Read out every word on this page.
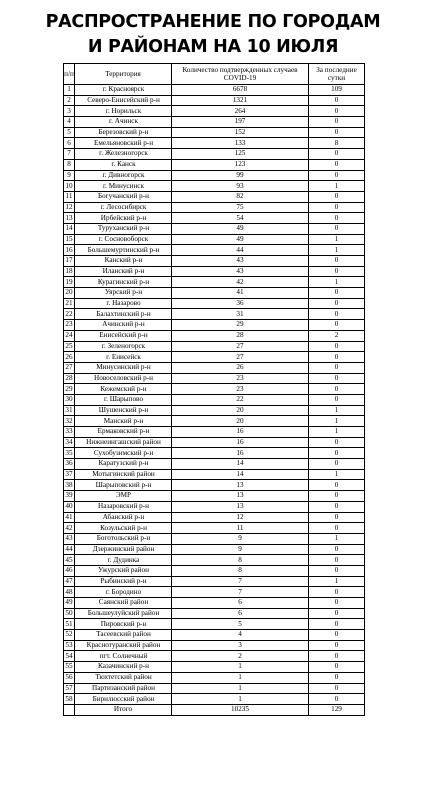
РАСПРОСТРАНЕНИЕ ПО ГОРОДАМ
И РАЙОНАМ НА 10 ИЮЛЯ
п/п	Территория	Количество подтвержденных случаев COVID-19	За последние сутки
1	г. Красноярск	6678	109
2	Северо-Енисейский р-н	1321	0
3	г. Норильск	264	0
4	г. Ачинск	197	0
5	Березовский р-н	152	0
6	Емельяновский р-н	133	8
7	г. Железногорск	125	0
8	г. Канск	123	0
9	г. Дивногорск	99	0
10	г. Минусинск	93	1
11	Богучанский р-н	82	0
12	г. Лесосибирск	75	0
13	Ирбейский р-н	54	0
14	Туруханский р-н	49	0
15	г. Сосновоборск	49	1
16	Большемуртинский р-н	44	1
17	Канский р-н	43	0
18	Иланский р-н	43	0
19	Курагинский р-н	42	1
20	Уярский р-н	41	0
21	г. Назарово	36	0
22	Балахтинский р-н	31	0
23	Ачинский р-н	29	0
24	Енисейский р-н	28	2
25	г. Зеленогорск	27	0
26	г. Енисейск	27	0
27	Минусинский р-н	26	0
28	Новоселовский р-н	23	0
29	Кежемский р-н	23	0
30	г. Шарыпово	22	0
31	Шушенский р-н	20	1
32	Манский р-н	20	1
33	Ермаковский р-н	16	1
34	Нижнеингашский район	16	0
35	Сухобузимский р-н	16	0
36	Каратузский р-н	14	0
37	Мотыгинский район	14	1
38	Шарыповский р-н	13	0
39	ЭМР	13	0
40	Назаровский р-н	13	0
41	Абанский р-н	12	0
42	Козульский р-н	11	0
43	Боготольский р-н	9	1
44	Дзержинский район	9	0
45	г. Дудинка	8	0
46	Ужурский район	8	0
47	Рыбинский р-н	7	1
48	г. Бородино	7	0
49	Саянский район	6	0
50	Большеулуйский район	6	0
51	Пировский р-н	5	0
52	Тасеевский район	4	0
53	Краснотуранский район	3	0
54	пгт. Солнечный	2	0
55	Казачинский р-н	1	0
56	Тюхтетский район	1	0
57	Партизанский район	1	0
58	Бирилюсский район	1	0
	Итого	10235	129
